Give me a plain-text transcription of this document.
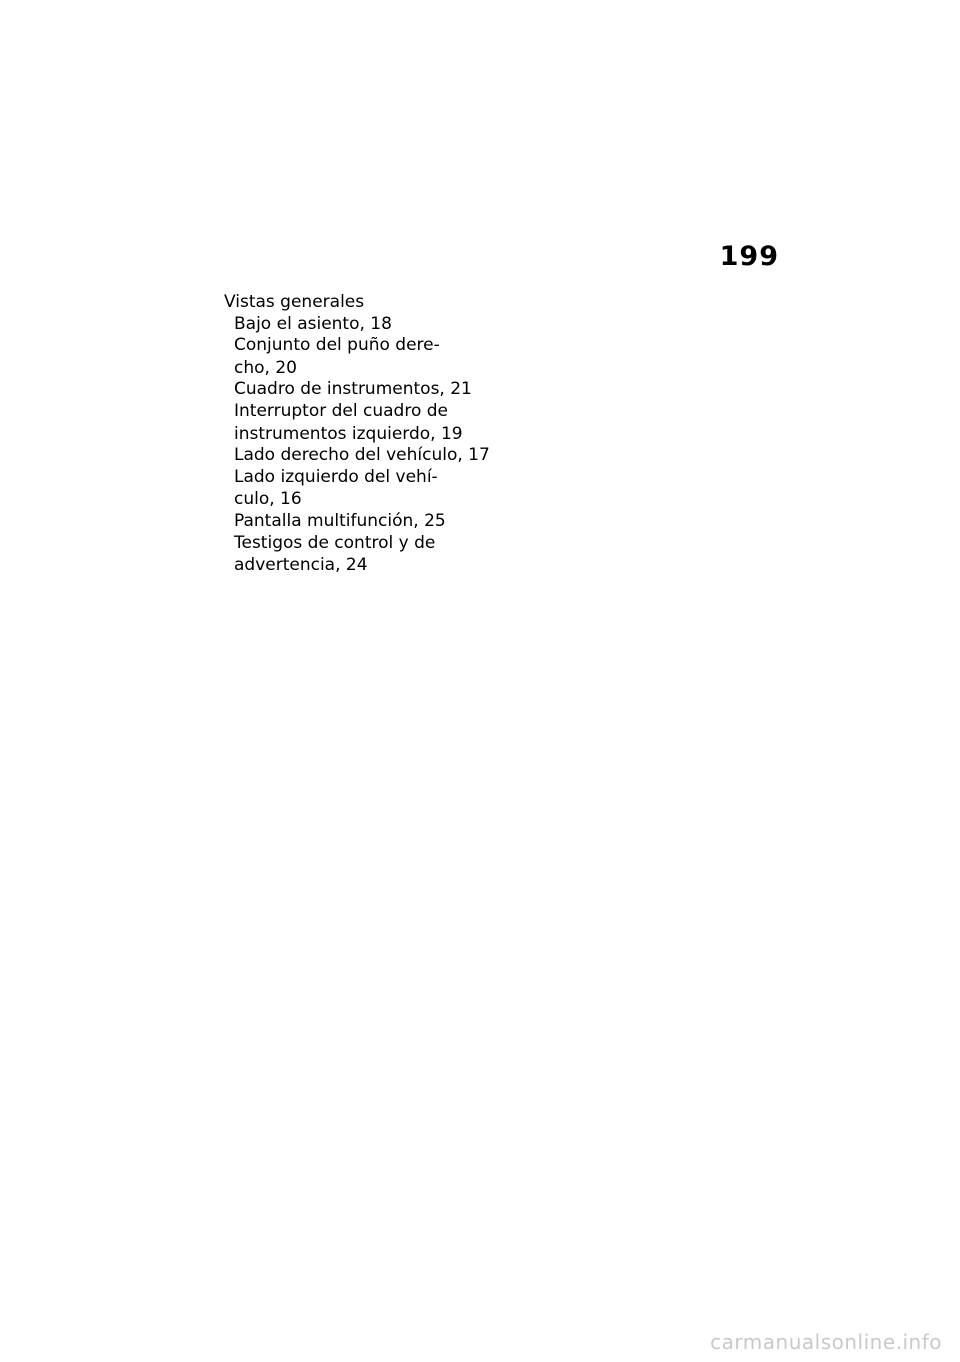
199
Vistas generales
Bajo el asiento, 18
Conjunto del puño dere-
cho, 20
Cuadro de instrumentos, 21
Interruptor del cuadro de
instrumentos izquierdo, 19
Lado derecho del vehículo, 17
Lado izquierdo del vehí-
culo, 16
Pantalla multifunción, 25
Testigos de control y de
advertencia, 24
carmanualsonline.info
